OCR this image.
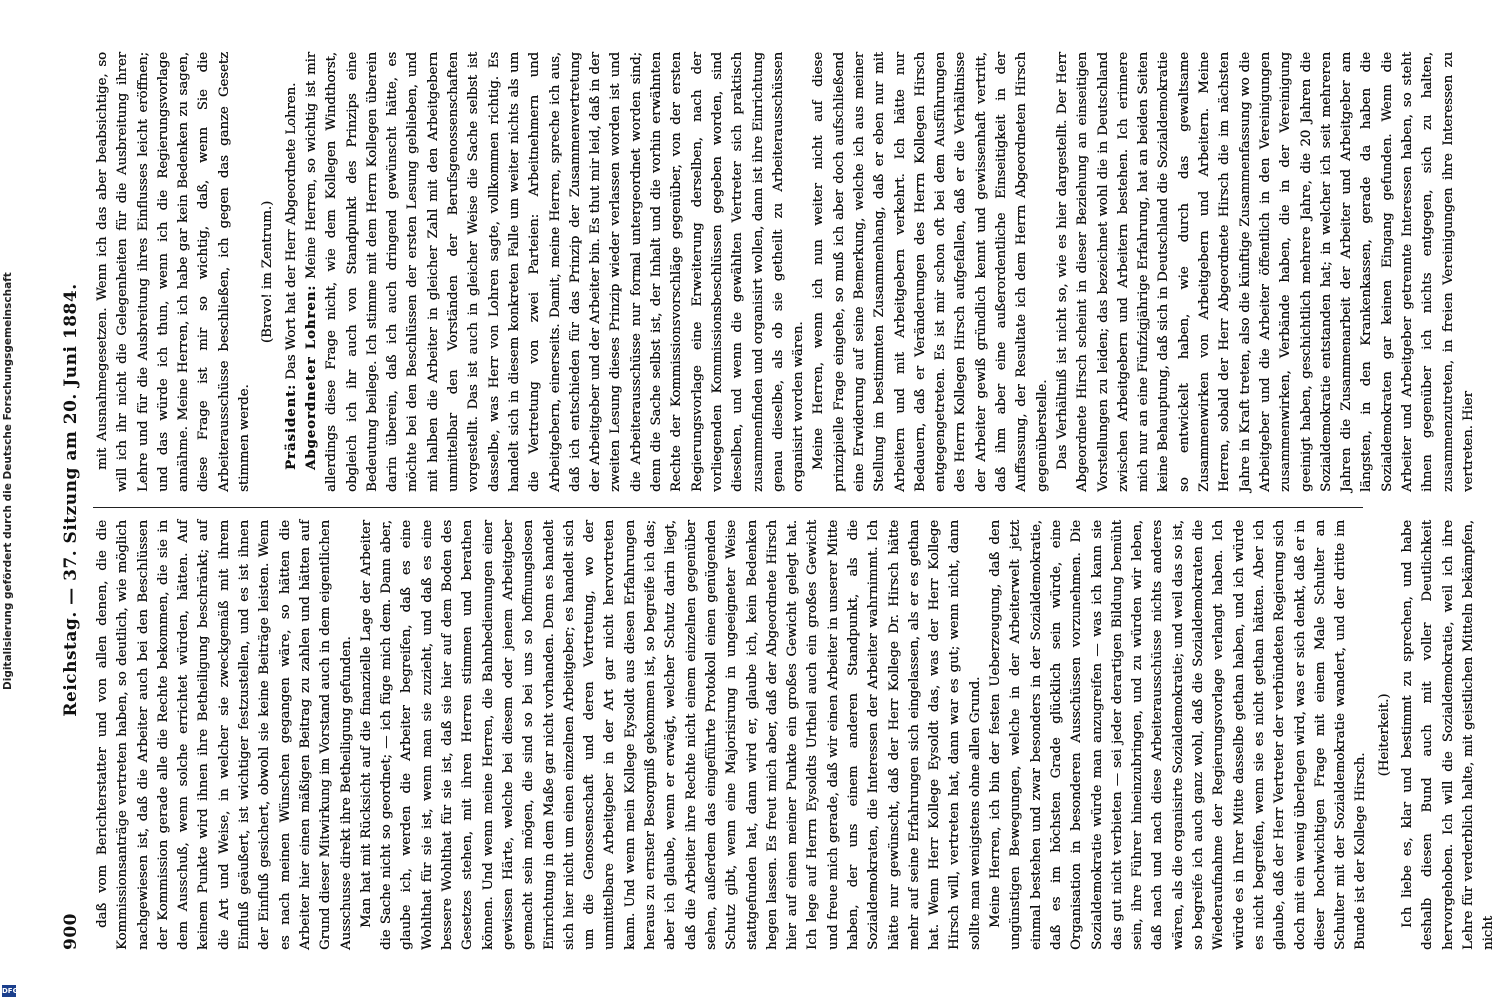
900
Reichstag. — 37. Sitzung am 20. Juni 1884.

daß vom Berichterstatter und von allen denen, die die Kommissionsanträge vertreten haben, so deutlich, wie möglich nachgewiesen ist, daß die Arbeiter auch bei den Beschlüssen der Kommission gerade alle die Rechte bekommen, die sie in dem Ausschuß, wenn solche errichtet würden, hätten. Auf keinem Punkte wird ihnen ihre Betheiligung beschränkt; auf die Art und Weise, in welcher sie zweckgemäß mit ihrem Einfluß geäußert, ist wichtiger festzustellen, und es ist ihnen der Einfluß gesichert, obwohl sie keine Beiträge leisten. Wenn es nach meinen Wünschen gegangen wäre, so hätten die Arbeiter hier einen mäßigen Beitrag zu zahlen und hätten auf Grund dieser Mitwirkung im Vorstand auch in dem eigentlichen Ausschusse direkt ihre Betheiligung gefunden. Man hat mit Rücksicht auf die finanzielle Lage der Arbeiter die Sache nicht so geordnet; — ich füge mich dem. Dann aber, glaube ich, werden die Arbeiter begreifen, daß es eine Wohlthat für sie ist, wenn man sie zuzieht, und daß es eine bessere Wohlthat für sie ist, daß sie hier auf dem Boden des Gesetzes stehen, mit ihren Herren stimmen und berathen können. Und wenn meine Herren, die Bahnbedienungen einer gewissen Härte, welche bei diesem oder jenem Arbeitgeber gemacht sein mögen, die sind so bei uns so hoffnungslosen Einrichtung in dem Maße gar nicht vorhanden. Denn es handelt sich hier nicht um einen einzelnen Arbeitgeber; es handelt sich um die Genossenschaft und deren Vertretung, wo der unmittelbare Arbeitgeber in der Art gar nicht hervortreten kann. Und wenn mein Kollege Eysoldt aus diesen Erfahrungen heraus zu ernster Besorgniß gekommen ist, so begreife ich das; aber ich glaube, wenn er erwägt, welcher Schutz darin liegt, daß die Arbeiter ihre Rechte nicht einem einzelnen gegenüber sehen, außerdem das eingeführte Protokoll einen genügenden Schutz gibt, wenn eine Majorisirung in ungeeigneter Weise stattgefunden hat, dann wird er, glaube ich, kein Bedenken hegen lassen. Es freut mich aber, daß der Abgeordnete Hirsch hier auf einen meiner Punkte ein großes Gewicht gelegt hat. Ich lege auf Herrn Eysoldts Urtheil auch ein großes Gewicht und freue mich gerade, daß wir einen Arbeiter in unserer Mitte haben, der uns einem anderen Standpunkt, als die Sozialdemokraten, die Interessen der Arbeiter wahrnimmt. Ich hätte nur gewünscht, daß der Herr Kollege Dr. Hirsch hätte mehr auf seine Erfahrungen sich eingelassen, als er es gethan hat. Wenn Herr Kollege Eysoldt das, was der Herr Kollege Hirsch will, vertreten hat, dann war es gut; wenn nicht, dann sollte man wenigstens ohne allen Grund. Meine Herren, ich bin der festen Ueberzeugung, daß den ungünstigen Bewegungen, welche in der Arbeiterwelt jetzt einmal bestehen und zwar besonders in der Sozialdemokratie, daß es im höchsten Grade glücklich sein würde, eine Organisation in besonderen Ausschüssen vorzunehmen. Die Sozialdemokratie würde man anzugreifen — was ich kann sie das gut nicht verbieten — sei jeder derartigen Bildung bemüht sein, ihre Führer hineinzubringen, und zu würden wir leben, daß nach und nach diese Arbeiterausschüsse nichts anderes wären, als die organisirte Sozialdemokratie; und weil das so ist, so begreife ich auch ganz wohl, daß die Sozialdemokraten die Wiederaufnahme der Regierungsvorlage verlangt haben. Ich würde es in Ihrer Mitte dasselbe gethan haben, und ich würde es nicht begreifen, wenn sie es nicht gethan hätten. Aber ich glaube, daß der Herr Vertreter der verbündeten Regierung sich doch mit ein wenig überlegen wird, was er sich denkt, daß er in dieser hochwichtigen Frage mit einem Male Schulter an Schulter mit der Sozialdemokratie wandert, und der dritte im Bunde ist der Kollege Hirsch.

(Heiterkeit.) Ich liebe es, klar und bestimmt zu sprechen, und habe deshalb diesen Bund auch mit voller Deutlichkeit hervorgehoben. Ich will die Sozialdemokratie, weil ich ihre Lehre für verderblich halte, mit geistlichen Mitteln bekämpfen, nicht

mit Ausnahmegesetzen. Wenn ich das aber beabsichtige, so will ich ihr nicht die Gelegenheiten für die Ausbreitung ihrer Lehre und für die Ausbreitung ihres Einflusses leicht eröffnen; und das würde ich thun, wenn ich die Regierungsvorlage annähme. Meine Herren, ich habe gar kein Bedenken zu sagen, diese Frage ist mir so wichtig, daß, wenn Sie die Arbeiterausschüsse beschließen, ich gegen das ganze Gesetz stimmen werde.

(Bravo! im Zentrum.)

Präsident: Das Wort hat der Herr Abgeordnete Lohren. Abgeordneter Lohren: Meine Herren, so wichtig ist mir allerdings diese Frage nicht, wie dem Kollegen Windthorst, obgleich ich ihr auch von Standpunkt des Prinzips eine Bedeutung beilege. Ich stimme mit dem Herrn Kollegen überein darin überein, daß ich auch dringend gewünscht hätte, es möchte bei den Beschlüssen der ersten Lesung geblieben, und mit halben die Arbeiter in gleicher Zahl mit den Arbeitgebern unmittelbar den Vorständen der Berufsgenossenschaften vorgestellt. Das ist auch in gleicher Weise die Sache selbst ist dasselbe, was Herr von Lohren sagte, vollkommen richtig. Es handelt sich in diesem konkreten Falle um weiter nichts als um die Vertretung von zwei Parteien: Arbeitnehmern und Arbeitgebern, einerseits. Damit, meine Herren, spreche ich aus, daß ich entschieden für das Prinzip der Zusammenvertretung der Arbeitgeber und der Arbeiter bin. Es thut mir leid, daß in der zweiten Lesung dieses Prinzip wieder verlassen worden ist und die Arbeiterausschüsse nur formal untergeordnet worden sind; denn die Sache selbst ist, der Inhalt und die vorhin erwähnten Rechte der Kommissionsvorschläge gegenüber, von der ersten Regierungsvorlage eine Erweiterung derselben, nach der vorliegenden Kommissionsbeschlüssen gegeben worden, sind dieselben, und wenn die gewählten Vertreter sich praktisch zusammenfinden und organisirt wollen, dann ist ihre Einrichtung genau dieselbe, als ob sie getheilt zu Arbeiterausschüssen organisirt worden wären. Meine Herren, wenn ich nun weiter nicht auf diese prinzipielle Frage eingehe, so muß ich aber doch aufschließend eine Erwiderung auf seine Bemerkung, welche ich aus meiner Stellung im bestimmten Zusammenhang, daß er eben nur mit Arbeitern und mit Arbeitgebern verkehrt. Ich hätte nur Bedauern, daß er Veränderungen des Herrn Kollegen Hirsch entgegengetreten. Es ist mir schon oft bei dem Ausführungen des Herrn Kollegen Hirsch aufgefallen, daß er die Verhältnisse der Arbeiter gewiß gründlich kennt und gewissenhaft vertritt, daß ihm aber eine außerordentliche Einseitigkeit in der Auffassung, der Resultate ich dem Herrn Abgeordneten Hirsch gegenüberstelle. Das Verhältniß ist nicht so, wie es hier dargestellt. Der Herr Abgeordnete Hirsch scheint in dieser Beziehung an einseitigen Vorstellungen zu leiden; das bezeichnet wohl die in Deutschland zwischen Arbeitgebern und Arbeitern bestehen. Ich erinnere mich nur an eine Fünfzigjährige Erfahrung, hat an beiden Seiten keine Behauptung, daß sich in Deutschland die Sozialdemokratie so entwickelt haben, wie durch das gewaltsame Zusammenwirken von Arbeitgebern und Arbeitern. Meine Herren, sobald der Herr Abgeordnete Hirsch die im nächsten Jahre in Kraft treten, also die künftige Zusammenfassung wo die Arbeitgeber und die Arbeiter öffentlich in den Vereinigungen zusammenwirken, Verbände haben, die in der Vereinigung geeinigt haben, geschichtlich mehrere Jahre, die 20 Jahren die Sozialdemokratie entstanden hat; in welcher ich seit mehreren Jahren die Zusammenarbeit der Arbeiter und Arbeitgeber am längsten, in den Krankenkassen, gerade da haben die Sozialdemokraten gar keinen Eingang gefunden. Wenn die Arbeiter und Arbeitgeber getrennte Interessen haben, so steht ihnen gegenüber ich nichts entgegen, sich zu halten, zusammenzutreten, in freien Vereinigungen ihre Interessen zu vertreten. Hier

Digitalisierung gefördert durch die Deutsche Forschungsgemeinschaft
DFG
